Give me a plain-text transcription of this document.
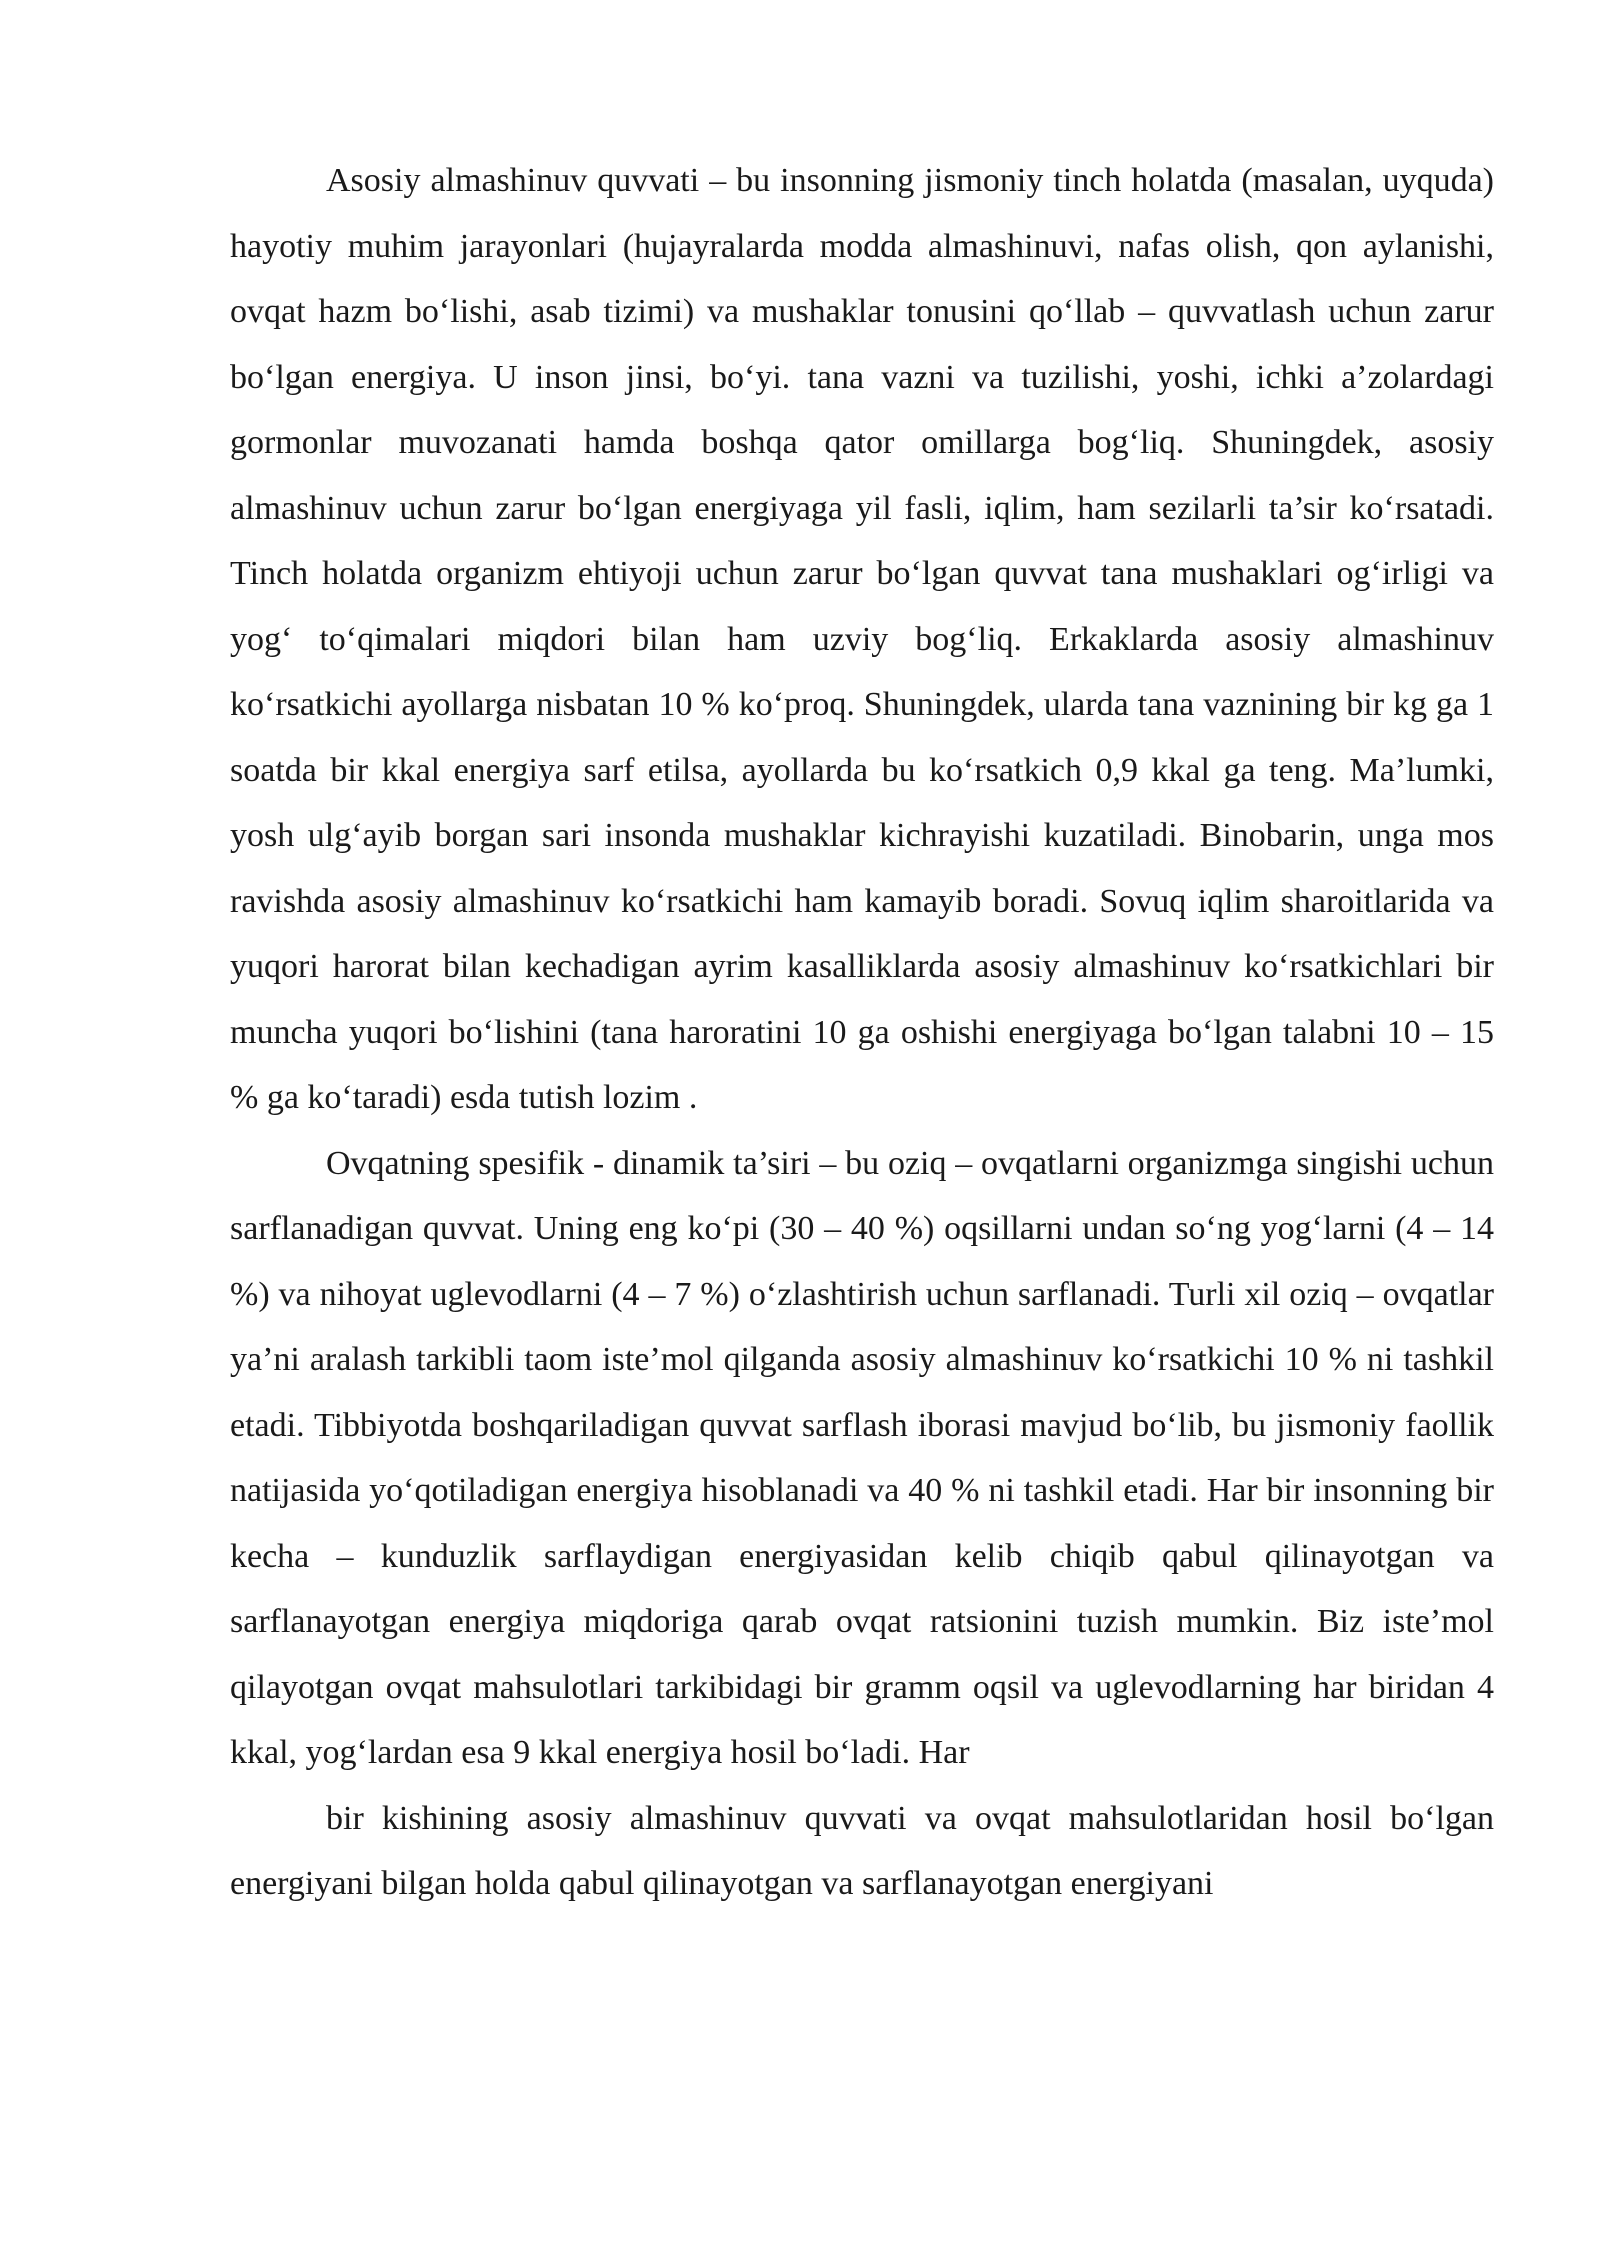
Asosiy almashinuv quvvati – bu insonning jismoniy tinch holatda (masalan, uyquda) hayotiy muhim jarayonlari (hujayralarda modda almashinuvi, nafas olish, qon aylanishi, ovqat hazm bo‘lishi, asab tizimi) va mushaklar tonusini qo‘llab – quvvatlash uchun zarur bo‘lgan energiya. U inson jinsi, bo‘yi. tana vazni va tuzilishi, yoshi, ichki a’zolardagi gormonlar muvozanati hamda boshqa qator omillarga bog‘liq. Shuningdek, asosiy almashinuv uchun zarur bo‘lgan energiyaga yil fasli, iqlim, ham sezilarli ta’sir ko‘rsatadi. Tinch holatda organizm ehtiyoji uchun zarur bo‘lgan quvvat tana mushaklari og‘irligi va yog‘ to‘qimalari miqdori bilan ham uzviy bog‘liq. Erkaklarda asosiy almashinuv ko‘rsatkichi ayollarga nisbatan 10 % ko‘proq. Shuningdek, ularda tana vaznining bir kg ga 1 soatda bir kkal energiya sarf etilsa, ayollarda bu ko‘rsatkich 0,9 kkal ga teng. Ma’lumki, yosh ulg‘ayib borgan sari insonda mushaklar kichrayishi kuzatiladi. Binobarin, unga mos ravishda asosiy almashinuv ko‘rsatkichi ham kamayib boradi. Sovuq iqlim sharoitlarida va yuqori harorat bilan kechadigan ayrim kasalliklarda asosiy almashinuv ko‘rsatkichlari bir muncha yuqori bo‘lishini (tana haroratini 10 ga oshishi energiyaga bo‘lgan talabni 10 – 15 % ga ko‘taradi) esda tutish lozim .

Ovqatning spesifik - dinamik ta’siri – bu oziq – ovqatlarni organizmga singishi uchun sarflanadigan quvvat. Uning eng ko‘pi (30 – 40 %) oqsillarni undan so‘ng yog‘larni (4 – 14 %) va nihoyat uglevodlarni (4 – 7 %) o‘zlashtirish uchun sarflanadi. Turli xil oziq – ovqatlar ya’ni aralash tarkibli taom iste’mol qilganda asosiy almashinuv ko‘rsatkichi 10 % ni tashkil etadi. Tibbiyotda boshqariladigan quvvat sarflash iborasi mavjud bo‘lib, bu jismoniy faollik natijasida yo‘qotiladigan energiya hisoblanadi va 40 % ni tashkil etadi. Har bir insonning bir kecha – kunduzlik sarflaydigan energiyasidan kelib chiqib qabul qilinayotgan va sarflanayotgan energiya miqdoriga qarab ovqat ratsionini tuzish mumkin. Biz iste’mol qilayotgan ovqat mahsulotlari tarkibidagi bir gramm oqsil va uglevodlarning har biridan 4 kkal, yog‘lardan esa 9 kkal energiya hosil bo‘ladi. Har

bir kishining asosiy almashinuv quvvati va ovqat mahsulotlaridan hosil bo‘lgan energiyani bilgan holda qabul qilinayotgan va sarflanayotgan energiyani
